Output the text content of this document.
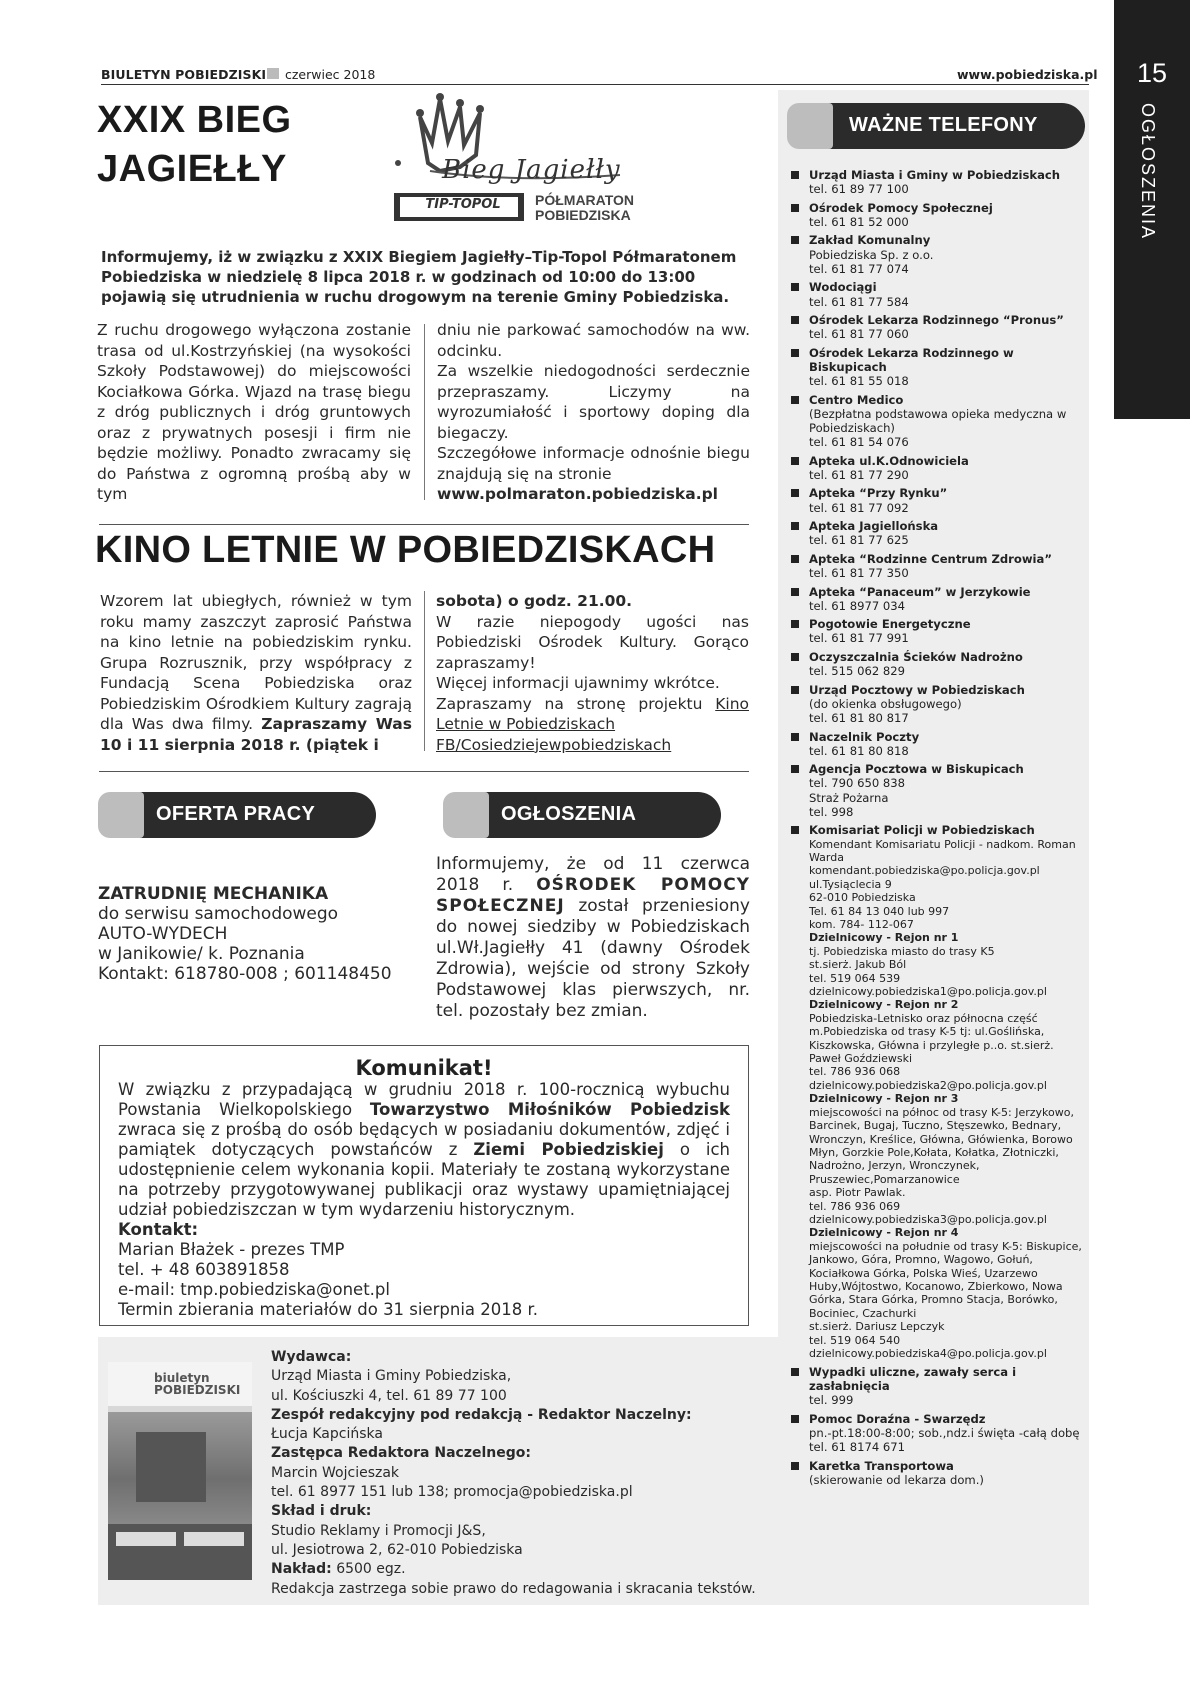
BIULETYN POBIEDZISKI czerwiec 2018	www.pobiedziska.pl	15
OGŁOSZENIA
XXIX BIEG
JAGIEŁŁY	Bieg Jagiełły
TIP-TOPOL	PÓŁMARATON
POBIEDZISKA

Informujemy, iż w związku z XXIX Biegiem Jagiełły–Tip-Topol Półmaratonem Pobiedziska w niedzielę 8 lipca 2018 r. w godzinach od 10:00 do 13:00 pojawią się utrudnienia w ruchu drogowym na terenie Gminy Pobiedziska.

Z ruchu drogowego wyłączona zostanie trasa od ul.Kostrzyńskiej (na wysokości Szkoły Podstawowej) do miejscowości Kociałkowa Górka. Wjazd na trasę biegu z dróg publicznych i dróg gruntowych oraz z prywatnych posesji i firm nie będzie możliwy. Ponadto zwracamy się do Państwa z ogromną prośbą aby w tym

dniu nie parkować samochodów na ww. odcinku.

Za wszelkie niedogodności serdecznie przepraszamy. Liczymy na wyrozumiałość i sportowy doping dla biegaczy.

Szczegółowe informacje odnośnie biegu znajdują się na stronie

www.polmaraton.pobiedziska.pl

KINO LETNIE W POBIEDZISKACH
Wzorem lat ubiegłych, również w tym roku mamy zaszczyt zaprosić Państwa na kino letnie na pobiedziskim rynku. Grupa Rozrusznik, przy współpracy z Fundacją Scena Pobiedziska oraz Pobiedziskim Ośrodkiem Kultury zagrają dla Was dwa filmy. Zapraszamy Was 10 i 11 sierpnia 2018 r. (piątek i

sobota) o godz. 21.00.

W razie niepogody ugości nas Pobiedziski Ośrodek Kultury. Gorąco zapraszamy!

Więcej informacji ujawnimy wkrótce.

Zapraszamy na stronę projektu Kino Letnie w Pobiedziskach

FB/Cosiedziejewpobiedziskach

OFERTA PRACY
ZATRUDNIĘ MECHANIKA
do serwisu samochodowego
AUTO-WYDECH
w Janikowie/ k. Poznania
Kontakt: 618780-008 ; 601148450
OGŁOSZENIA
Informujemy, że od 11 czerwca 2018 r. OŚRODEK POMOCY SPOŁECZNEJ został przeniesiony do nowej siedziby w Pobiedziskach ul.Wł.Jagiełły 41 (dawny Ośrodek Zdrowia), wejście od strony Szkoły Podstawowej klas pierwszych, nr. tel. pozostały bez zmian.
Komunikat!

W związku z przypadającą w grudniu 2018 r. 100-rocznicą wybuchu Powstania Wielkopolskiego Towarzystwo Miłośników Pobiedzisk zwraca się z prośbą do osób będących w posiadaniu dokumentów, zdjęć i pamiątek dotyczących powstańców z Ziemi Pobiedziskiej o ich udostępnienie celem wykonania kopii. Materiały te zostaną wykorzystane na potrzeby przygotowywanej publikacji oraz wystawy upamiętniającej udział pobiedziszczan w tym wydarzeniu historycznym.

Kontakt:

Marian Błażek - prezes TMP

tel. + 48 603891858

e-mail: tmp.pobiedziska@onet.pl

Termin zbierania materiałów do 31 sierpnia 2018 r.

biuletyn POBIEDZISKI
Wydawca:
Urząd Miasta i Gminy Pobiedziska,
ul. Kościuszki 4, tel. 61 89 77 100
Zespół redakcyjny pod redakcją - Redaktor Naczelny:
Łucja Kapcińska
Zastępca Redaktora Naczelnego:
Marcin Wojcieszak
tel. 61 8977 151 lub 138; promocja@pobiedziska.pl
Skład i druk:
Studio Reklamy i Promocji J&S,
ul. Jesiotrowa 2, 62-010 Pobiedziska
Nakład: 6500 egz.
Redakcja zastrzega sobie prawo do redagowania i skracania tekstów.
WAŻNE TELEFONY
Urząd Miasta i Gminy w Pobiedziskach
tel. 61 89 77 100
Ośrodek Pomocy Społecznej
tel. 61 81 52 000
Zakład Komunalny
Pobiedziska Sp. z o.o.
tel. 61 81 77 074
Wodociągi
tel. 61 81 77 584
Ośrodek Lekarza Rodzinnego “Pronus”
tel. 61 81 77 060
Ośrodek Lekarza Rodzinnego w Biskupicach
tel. 61 81 55 018
Centro Medico
(Bezpłatna podstawowa opieka medyczna w Pobiedziskach)
tel. 61 81 54 076
Apteka ul.K.Odnowiciela
tel. 61 81 77 290
Apteka “Przy Rynku”
tel. 61 81 77 092
Apteka Jagiellońska
tel. 61 81 77 625
Apteka “Rodzinne Centrum Zdrowia”
tel. 61 81 77 350
Apteka “Panaceum” w Jerzykowie
tel. 61 8977 034
Pogotowie Energetyczne
tel. 61 81 77 991
Oczyszczalnia Ścieków Nadrożno
tel. 515 062 829
Urząd Pocztowy w Pobiedziskach
(do okienka obsługowego)
tel. 61 81 80 817
Naczelnik Poczty
tel. 61 81 80 818
Agencja Pocztowa w Biskupicach
tel. 790 650 838
Straż Pożarna
tel. 998
Komisariat Policji w Pobiedziskach
Komendant Komisariatu Policji - nadkom. Roman Warda
komendant.pobiedziska@po.policja.gov.pl
ul.Tysiąclecia 9
62-010 Pobiedziska
Tel. 61 84 13 040 lub 997
kom. 784- 112-067
Dzielnicowy - Rejon nr 1
tj. Pobiedziska miasto do trasy K5
st.sierż. Jakub Ból
tel. 519 064 539
dzielnicowy.pobiedziska1@po.policja.gov.pl
Dzielnicowy - Rejon nr 2
Pobiedziska-Letnisko oraz północna część m.Pobiedziska od trasy K-5 tj: ul.Goślińska, Kiszkowska, Główna i przyległe p..o. st.sierż. Paweł Goździewski
tel. 786 936 068
dzielnicowy.pobiedziska2@po.policja.gov.pl
Dzielnicowy - Rejon nr 3
miejscowości na północ od trasy K-5: Jerzykowo, Barcinek, Bugaj, Tuczno, Stęszewko, Bednary, Wronczyn, Kreślice, Główna, Główienka, Borowo Młyn, Gorzkie Pole,Kołata, Kołatka, Złotniczki, Nadrożno, Jerzyn, Wronczynek, Pruszewiec,Pomarzanowice
asp. Piotr Pawlak.
tel. 786 936 069
dzielnicowy.pobiedziska3@po.policja.gov.pl
Dzielnicowy - Rejon nr 4
miejscowości na południe od trasy K-5: Biskupice, Jankowo, Góra, Promno, Wagowo, Gołuń, Kociałkowa Górka, Polska Wieś, Uzarzewo Huby,Wójtostwo, Kocanowo, Zbierkowo, Nowa Górka, Stara Górka, Promno Stacja, Borówko, Bociniec, Czachurki
st.sierż. Dariusz Lepczyk
tel. 519 064 540
dzielnicowy.pobiedziska4@po.policja.gov.pl
Wypadki uliczne, zawały serca i zasłabnięcia
tel. 999
Pomoc Doraźna - Swarzędz
pn.-pt.18:00-8:00; sob.,ndz.i święta -całą dobę
tel. 61 8174 671
Karetka Transportowa
(skierowanie od lekarza dom.)
